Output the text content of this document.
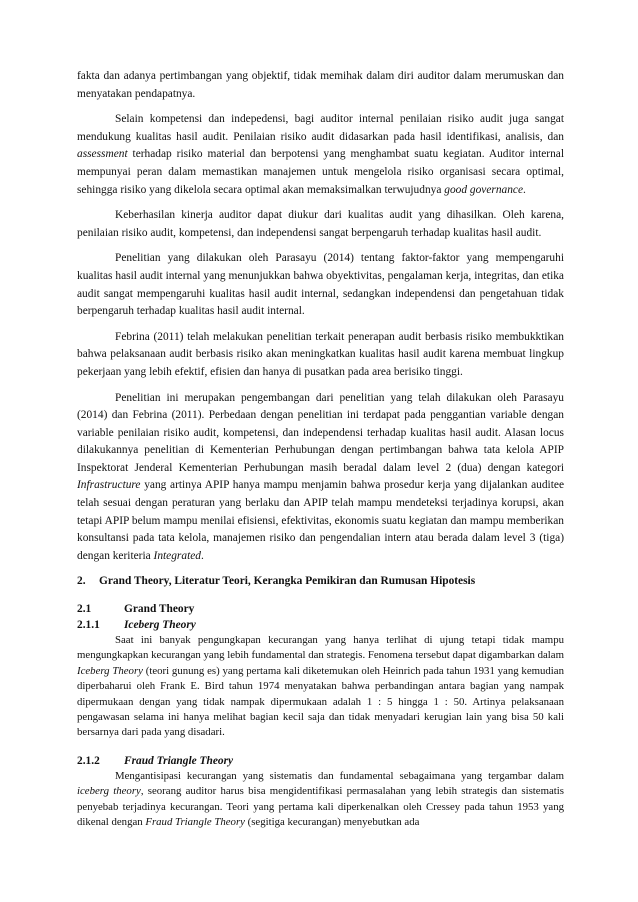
fakta dan adanya pertimbangan yang objektif, tidak memihak dalam diri auditor dalam merumuskan dan menyatakan pendapatnya.

Selain kompetensi dan indepedensi, bagi auditor internal penilaian risiko audit juga sangat mendukung kualitas hasil audit. Penilaian risiko audit didasarkan pada hasil identifikasi, analisis, dan assessment terhadap risiko material dan berpotensi yang menghambat suatu kegiatan. Auditor internal mempunyai peran dalam memastikan manajemen untuk mengelola risiko organisasi secara optimal, sehingga risiko yang dikelola secara optimal akan memaksimalkan terwujudnya good governance.

Keberhasilan kinerja auditor dapat diukur dari kualitas audit yang dihasilkan. Oleh karena, penilaian risiko audit, kompetensi, dan independensi sangat berpengaruh terhadap kualitas hasil audit.

Penelitian yang dilakukan oleh Parasayu (2014) tentang faktor-faktor yang mempengaruhi kualitas hasil audit internal yang menunjukkan bahwa obyektivitas, pengalaman kerja, integritas, dan etika audit sangat mempengaruhi kualitas hasil audit internal, sedangkan independensi dan pengetahuan tidak berpengaruh terhadap kualitas hasil audit internal.

Febrina (2011) telah melakukan penelitian terkait penerapan audit berbasis risiko membukktikan bahwa pelaksanaan audit berbasis risiko akan meningkatkan kualitas hasil audit karena membuat lingkup pekerjaan yang lebih efektif, efisien dan hanya di pusatkan pada area berisiko tinggi.

Penelitian ini merupakan pengembangan dari penelitian yang telah dilakukan oleh Parasayu (2014) dan Febrina (2011). Perbedaan dengan penelitian ini terdapat pada penggantian variable dengan variable penilaian risiko audit, kompetensi, dan independensi terhadap kualitas hasil audit. Alasan locus dilakukannya penelitian di Kementerian Perhubungan dengan pertimbangan bahwa tata kelola APIP Inspektorat Jenderal Kementerian Perhubungan masih beradal dalam level 2 (dua) dengan kategori Infrastructure yang artinya APIP hanya mampu menjamin bahwa prosedur kerja yang dijalankan auditee telah sesuai dengan peraturan yang berlaku dan APIP telah mampu mendeteksi terjadinya korupsi, akan tetapi APIP belum mampu menilai efisiensi, efektivitas, ekonomis suatu kegiatan dan mampu memberikan konsultansi pada tata kelola, manajemen risiko dan pengendalian intern atau berada dalam level 3 (tiga) dengan keriteria Integrated.

2.	Grand Theory, Literatur Teori, Kerangka Pemikiran dan Rumusan Hipotesis
2.1	Grand Theory
2.1.1	Iceberg Theory

Saat ini banyak pengungkapan kecurangan yang hanya terlihat di ujung tetapi tidak mampu mengungkapkan kecurangan yang lebih fundamental dan strategis. Fenomena tersebut dapat digambarkan dalam Iceberg Theory (teori gunung es) yang pertama kali diketemukan oleh Heinrich pada tahun 1931 yang kemudian diperbaharui oleh Frank E. Bird tahun 1974 menyatakan bahwa perbandingan antara bagian yang nampak dipermukaan dengan yang tidak nampak dipermukaan adalah 1 : 5 hingga 1 : 50. Artinya pelaksanaan pengawasan selama ini hanya melihat bagian kecil saja dan tidak menyadari kerugian lain yang bisa 50 kali bersarnya dari pada yang disadari.

2.1.2	Fraud Triangle Theory

Mengantisipasi kecurangan yang sistematis dan fundamental sebagaimana yang tergambar dalam iceberg theory, seorang auditor harus bisa mengidentifikasi permasalahan yang lebih strategis dan sistematis penyebab terjadinya kecurangan. Teori yang pertama kali diperkenalkan oleh Cressey pada tahun 1953 yang dikenal dengan Fraud Triangle Theory (segitiga kecurangan) menyebutkan ada
